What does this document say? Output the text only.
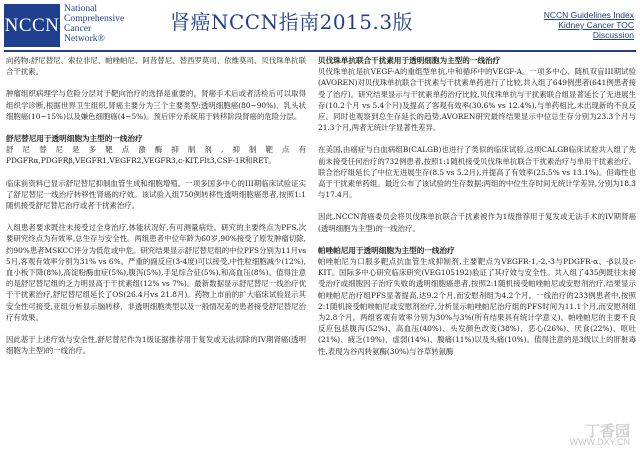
NCCN
National
Comprehensive
Cancer
Network®
肾癌NCCN指南2015.3版	NCCN Guidelines Index
Kidney Cancer TOC
Discussion

向药物:舒尼替尼、索拉非尼、帕唑帕尼、阿昔替尼、替西罗莫司、依维莫司、贝伐珠单抗联合干扰素。

肿瘤组织病理学与危险分层对于靶向治疗的选择是重要的。肾癌手术后或者活检后可以取得组织学诊断,根据世界卫生组织,肾癌主要分为三个主要类型:透明细胞癌(80~90%)、乳头状细胞癌(10~15%)以及嫌色细胞癌(4~5%)。预后评分系统用于转移阶段肾癌的危险分层。

舒尼替尼用于透明细胞为主型的一线治疗

舒尼替尼是多靶点激酶抑制剂,抑制靶点有PDGFRα,PDGFRβ,VEGFR1,VEGFR2,VEGFR3,c-KIT,Flt3,CSF-1R和RET。

临床前资料已显示舒尼替尼抑制血管生成和细胞增殖。一项多国多中心的III期临床试验证实了舒尼替尼一线治疗转移性肾癌的疗效。该试验入组750例转移性透明细胞癌患者,按照1:1随机接受舒尼替尼治疗或者干扰素治疗。

入组患者要求既往未接受过全身治疗,体能状况好,有可测量病灶。研究的主要终点为PFS,次要研究终点为有效率,总生存与安全性。两组患者中位年龄为60岁,90%接受了原发肿瘤切除,约90%患者MSKCC评分为低危或中危。研究结果显示舒尼替尼组的中位PFS分别为11月vs 5月,客观有效率分别为31% vs 6%。严重的副反应(3-4度)可以接受,中性粒细胞减少(12%),血小板下降(8%),高淀粉酶血症(5%),腹泻(5%),手足综合征(5%),和高血压(8%)。值得注意的是舒尼替尼组的乏力明显高于干扰素组(12% vs 7%)。最新数据显示舒尼替尼一线治疗优于干扰素治疗,舒尼替尼组延长了OS(26.4月vs 21.8月)。药物上市前的扩大临床试验显示其安全性可接受,亚组分析显示脑转移、非透明细胞类型以及一般情况差的患者接受舒尼替尼治疗有效果。

因此基于上述疗效与安全性,舒尼替尼作为1级证据推荐用于复发或无法切除的IV期肾癌(透明细胞为主型)的一线治疗。

贝伐珠单抗联合干扰素用于透明细胞为主型的一线治疗

贝伐珠单抗是抗VEGF-A的重组型单抗,中和循环中的VEGF-A。一项多中心、随机双盲III期试验(AVOREN)对贝伐珠单抗联合干扰素与干扰素单药进行了比较,共入组了649例患者(641例患者接受了治疗)。研究结果显示与干扰素单药治疗比较,贝伐珠单抗与干扰素联合组显著延长了无进展生存(10.2个月 vs 5.4个月)及提高了客观有效率(30.6% vs 12.4%),与单药相比,未出现新的不良反应。同时也观察到总生存延长的趋势,AVOREN研究最终结果显示中位总生存分别为23.3个月与21.3个月,两者无统计学显著性差异。

在美国,由癌症与白血病组B(CALGB)也进行了类似的临床试验,这项CALGB临床试验共入组了先前未接受任何治疗的732例患者,按照1:1随机接受贝伐珠单抗联合干扰素治疗与单用干扰素治疗。联合治疗组延长了中位无进展生存(8.5 vs 5.2月),并提高了有效率(25.5% vs 13.1%)。但毒性也高于干扰素单药组。最近公布了该试验的生存数据:两组的中位生存时间无统计学差异,分别为18.3与17.4月。

因此,NCCN肾癌委员会将贝伐珠单抗联合干扰素被作为1级推荐用于复发或无法手术的IV期肾癌(透明细胞为主型)的一线治疗。

帕唑帕尼用于透明细胞为主型的一线治疗

帕唑帕尼为口服多靶点抗血管生成抑制剂,主要靶点为VEGFR-1,-2,-3与PDGFR-α、-β以及c-KIT。国际多中心研究临床研究(VEG105192)验证了其疗效与安全性。共入组了435例既往未接受治疗或细胞因子治疗失败的透明细胞癌患者,按照2:1随机接受帕唑帕尼或安慰剂治疗,结果显示帕唑帕尼治疗组PFS显著提高,达9.2个月,而安慰剂组为4.2个月。一线治疗的233例患者中,按照2:1随机接受帕唑帕尼或安慰剂治疗,分析显示帕唑帕尼治疗组的PFS时间为11.1个月,而安慰剂组为2.8个月。两组客观有效率分别为30%与3%(所有结果具有统计学意义)。帕唑帕尼的主要不良反应包括腹泻(52%)、高血压(40%)、头发颜色改变(38%)、恶心(26%)、厌食(22%)、呕吐(21%)、疲乏(19%)、虚弱(14%)、腹痛(11%)以及头痛(10%)。值得注意的是3级以上的肝脏毒性,表现为谷丙转氨酶(30%)与谷草转氨酶

丁香园
WWW.DXY.CN
